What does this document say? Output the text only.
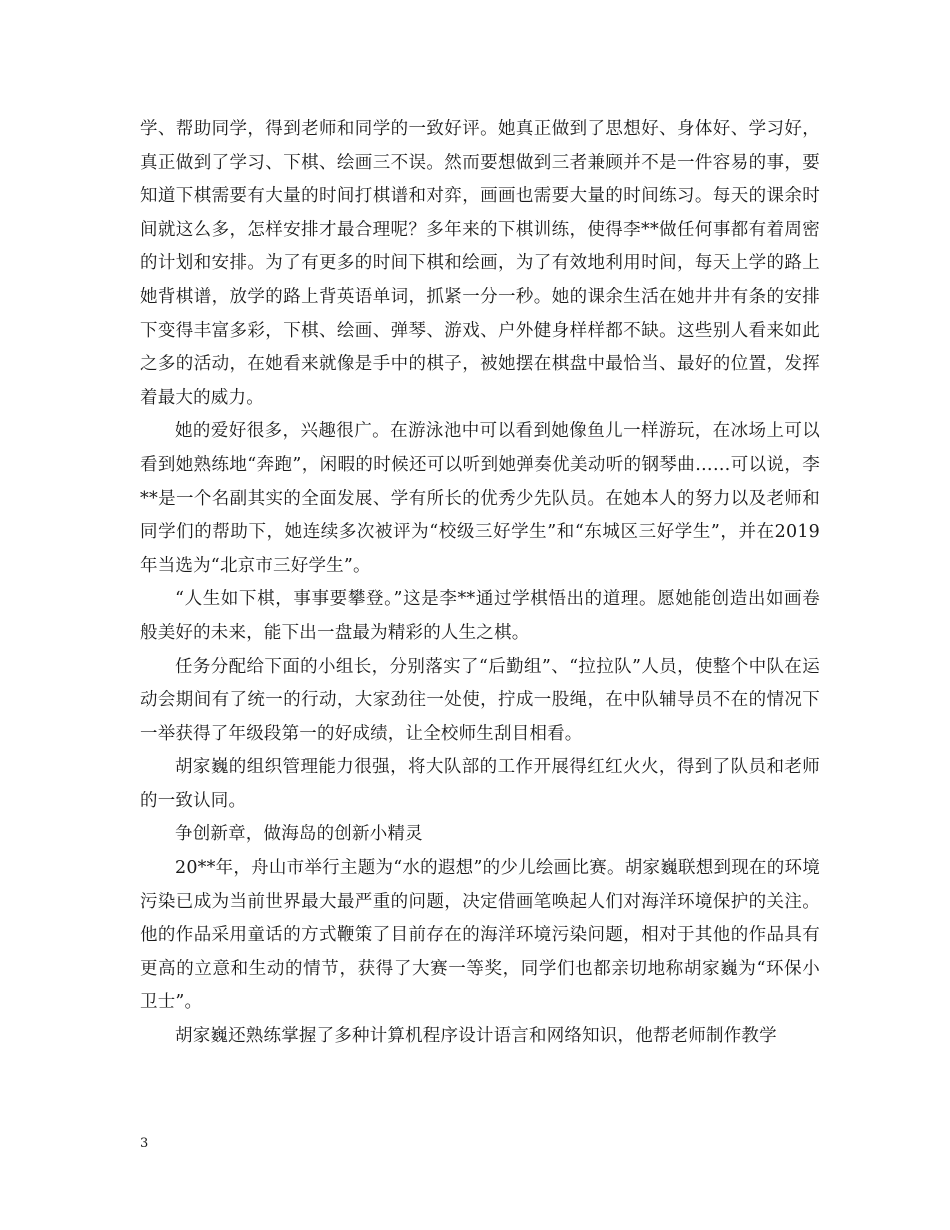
学、帮助同学，得到老师和同学的一致好评。她真正做到了思想好、身体好、学习好，真正做到了学习、下棋、绘画三不误。然而要想做到三者兼顾并不是一件容易的事，要知道下棋需要有大量的时间打棋谱和对弈，画画也需要大量的时间练习。每天的课余时间就这么多，怎样安排才最合理呢？多年来的下棋训练，使得李**做任何事都有着周密的计划和安排。为了有更多的时间下棋和绘画，为了有效地利用时间，每天上学的路上她背棋谱，放学的路上背英语单词，抓紧一分一秒。她的课余生活在她井井有条的安排下变得丰富多彩，下棋、绘画、弹琴、游戏、户外健身样样都不缺。这些别人看来如此之多的活动，在她看来就像是手中的棋子，被她摆在棋盘中最恰当、最好的位置，发挥着最大的威力。

她的爱好很多，兴趣很广。在游泳池中可以看到她像鱼儿一样游玩，在冰场上可以看到她熟练地“奔跑”，闲暇的时候还可以听到她弹奏优美动听的钢琴曲……可以说，李**是一个名副其实的全面发展、学有所长的优秀少先队员。在她本人的努力以及老师和同学们的帮助下，她连续多次被评为“校级三好学生”和“东城区三好学生”，并在2019年当选为“北京市三好学生”。

“人生如下棋，事事要攀登。”这是李**通过学棋悟出的道理。愿她能创造出如画卷般美好的未来，能下出一盘最为精彩的人生之棋。

任务分配给下面的小组长，分别落实了“后勤组”、“拉拉队”人员，使整个中队在运动会期间有了统一的行动，大家劲往一处使，拧成一股绳，在中队辅导员不在的情况下一举获得了年级段第一的好成绩，让全校师生刮目相看。

胡家巍的组织管理能力很强，将大队部的工作开展得红红火火，得到了队员和老师的一致认同。

争创新章，做海岛的创新小精灵

20**年，舟山市举行主题为“水的遐想”的少儿绘画比赛。胡家巍联想到现在的环境污染已成为当前世界最大最严重的问题，决定借画笔唤起人们对海洋环境保护的关注。他的作品采用童话的方式鞭策了目前存在的海洋环境污染问题，相对于其他的作品具有更高的立意和生动的情节，获得了大赛一等奖，同学们也都亲切地称胡家巍为“环保小卫士”。

胡家巍还熟练掌握了多种计算机程序设计语言和网络知识，他帮老师制作教学

3
